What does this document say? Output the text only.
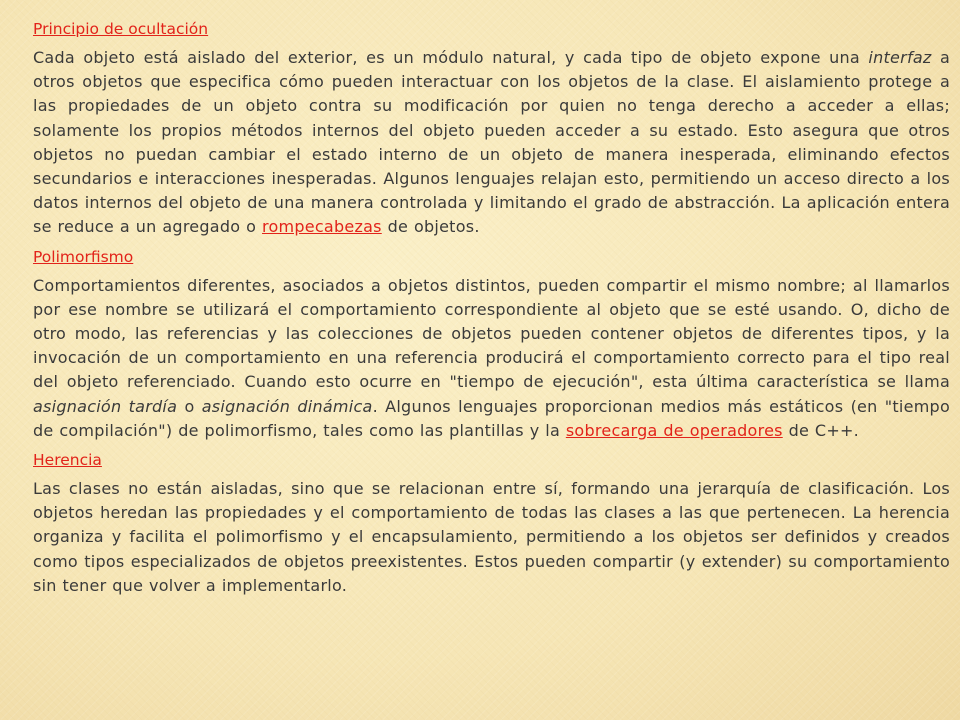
Principio de ocultación

Cada objeto está aislado del exterior, es un módulo natural, y cada tipo de objeto expone una interfaz a otros objetos que especifica cómo pueden interactuar con los objetos de la clase. El aislamiento protege a las propiedades de un objeto contra su modificación por quien no tenga derecho a acceder a ellas; solamente los propios métodos internos del objeto pueden acceder a su estado. Esto asegura que otros objetos no puedan cambiar el estado interno de un objeto de manera inesperada, eliminando efectos secundarios e interacciones inesperadas. Algunos lenguajes relajan esto, permitiendo un acceso directo a los datos internos del objeto de una manera controlada y limitando el grado de abstracción. La aplicación entera se reduce a un agregado o rompecabezas de objetos.

Polimorfismo

Comportamientos diferentes, asociados a objetos distintos, pueden compartir el mismo nombre; al llamarlos por ese nombre se utilizará el comportamiento correspondiente al objeto que se esté usando. O, dicho de otro modo, las referencias y las colecciones de objetos pueden contener objetos de diferentes tipos, y la invocación de un comportamiento en una referencia producirá el comportamiento correcto para el tipo real del objeto referenciado. Cuando esto ocurre en "tiempo de ejecución", esta última característica se llama asignación tardía o asignación dinámica. Algunos lenguajes proporcionan medios más estáticos (en "tiempo de compilación") de polimorfismo, tales como las plantillas y la sobrecarga de operadores de C++.

Herencia

Las clases no están aisladas, sino que se relacionan entre sí, formando una jerarquía de clasificación. Los objetos heredan las propiedades y el comportamiento de todas las clases a las que pertenecen. La herencia organiza y facilita el polimorfismo y el encapsulamiento, permitiendo a los objetos ser definidos y creados como tipos especializados de objetos preexistentes. Estos pueden compartir (y extender) su comportamiento sin tener que volver a implementarlo.
